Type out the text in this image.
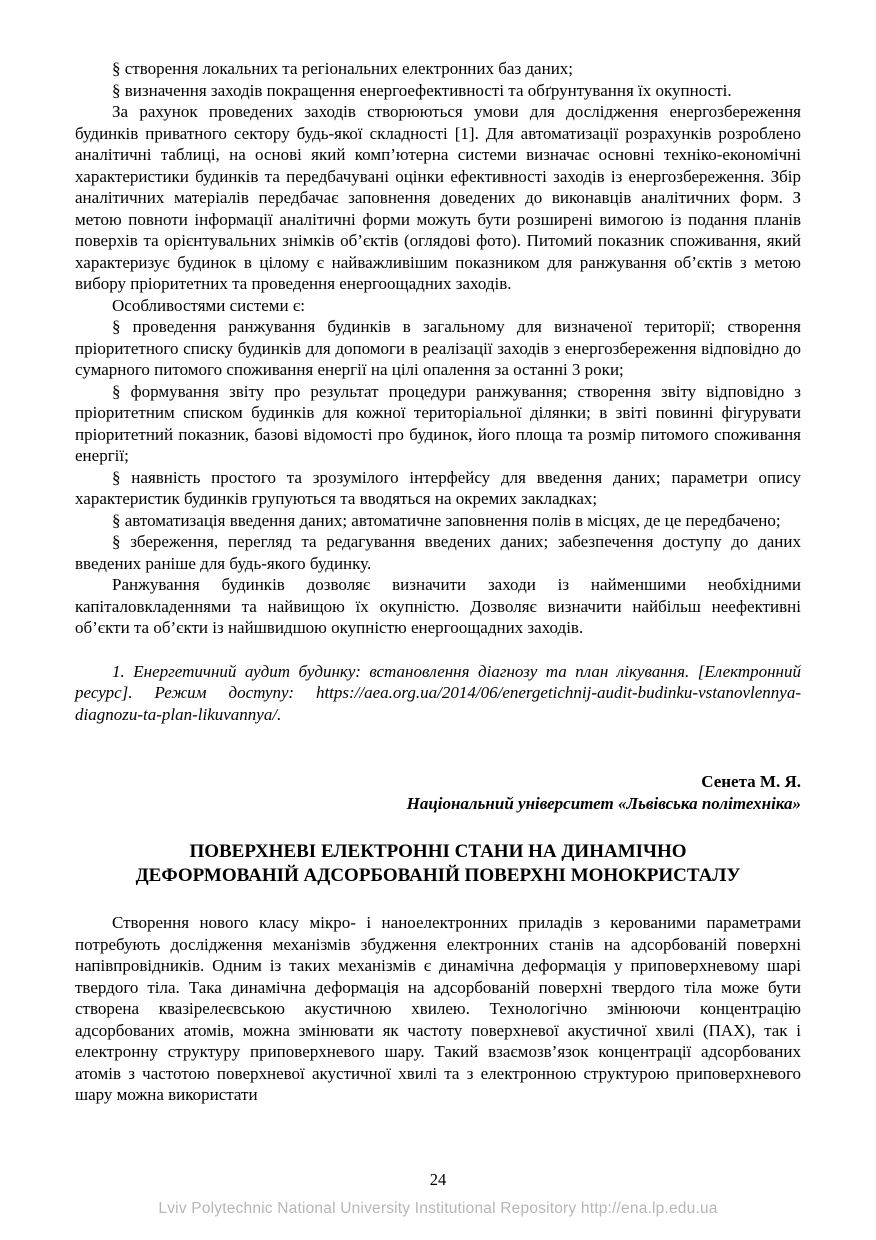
§ створення локальних та регіональних електронних баз даних;

§ визначення заходів покращення енергоефективності та обґрунтування їх окупності.

За рахунок проведених заходів створюються умови для дослідження енергозбереження будинків приватного сектору будь-якої складності [1]. Для автоматизації розрахунків розроблено аналітичні таблиці, на основі який комп’ютерна системи визначає основні техніко-економічні характеристики будинків та передбачувані оцінки ефективності заходів із енергозбереження. Збір аналітичних матеріалів передбачає заповнення доведених до виконавців аналітичних форм. З метою повноти інформації аналітичні форми можуть бути розширені вимогою із подання планів поверхів та орієнтувальних знімків об’єктів (оглядові фото). Питомий показник споживання, який характеризує будинок в цілому є найважливішим показником для ранжування об’єктів з метою вибору пріоритетних та проведення енергоощадних заходів.

Особливостями системи є:

§ проведення ранжування будинків в загальному для визначеної території; створення пріоритетного списку будинків для допомоги в реалізації заходів з енергозбереження відповідно до сумарного питомого споживання енергії на цілі опалення за останні 3 роки;

§ формування звіту про результат процедури ранжування; створення звіту відповідно з пріоритетним списком будинків для кожної територіальної ділянки; в звіті повинні фігурувати пріоритетний показник, базові відомості про будинок, його площа та розмір питомого споживання енергії;

§ наявність простого та зрозумілого інтерфейсу для введення даних; параметри опису характеристик будинків групуються та вводяться на окремих закладках;

§ автоматизація введення даних; автоматичне заповнення полів в місцях, де це передбачено;

§ збереження, перегляд та редагування введених даних; забезпечення доступу до даних введених раніше для будь-якого будинку.

Ранжування будинків дозволяє визначити заходи із найменшими необхідними капіталовкладеннями та найвищою їх окупністю. Дозволяє визначити найбільш неефективні об’єкти та об’єкти із найшвидшою окупністю енергоощадних заходів.

1. Енергетичний аудит будинку: встановлення діагнозу та план лікування. [Електронний ресурс]. Режим доступу: https://aea.org.ua/2014/06/energetichnij-audit-budinku-vstanovlennya-diagnozu-ta-plan-likuvannya/.

Сенета М. Я.
Національний університет «Львівська політехніка»
ПОВЕРХНЕВІ ЕЛЕКТРОННІ СТАНИ НА ДИНАМІЧНО
ДЕФОРМОВАНІЙ АДСОРБОВАНІЙ ПОВЕРХНІ МОНОКРИСТАЛУ

Створення нового класу мікро- і наноелектронних приладів з керованими параметрами потребують дослідження механізмів збудження електронних станів на адсорбованій поверхні напівпровідників. Одним із таких механізмів є динамічна деформація у приповерхневому шарі твердого тіла. Така динамічна деформація на адсорбованій поверхні твердого тіла може бути створена квазірелеєвською акустичною хвилею. Технологічно змінюючи концентрацію адсорбованих атомів, можна змінювати як частоту поверхневої акустичної хвилі (ПАХ), так і електронну структуру приповерхневого шару. Такий взаємозв’язок концентрації адсорбованих атомів з частотою поверхневої акустичної хвилі та з електронною структурою приповерхневого шару можна використати

24
Lviv Polytechnic National University Institutional Repository http://ena.lp.edu.ua
